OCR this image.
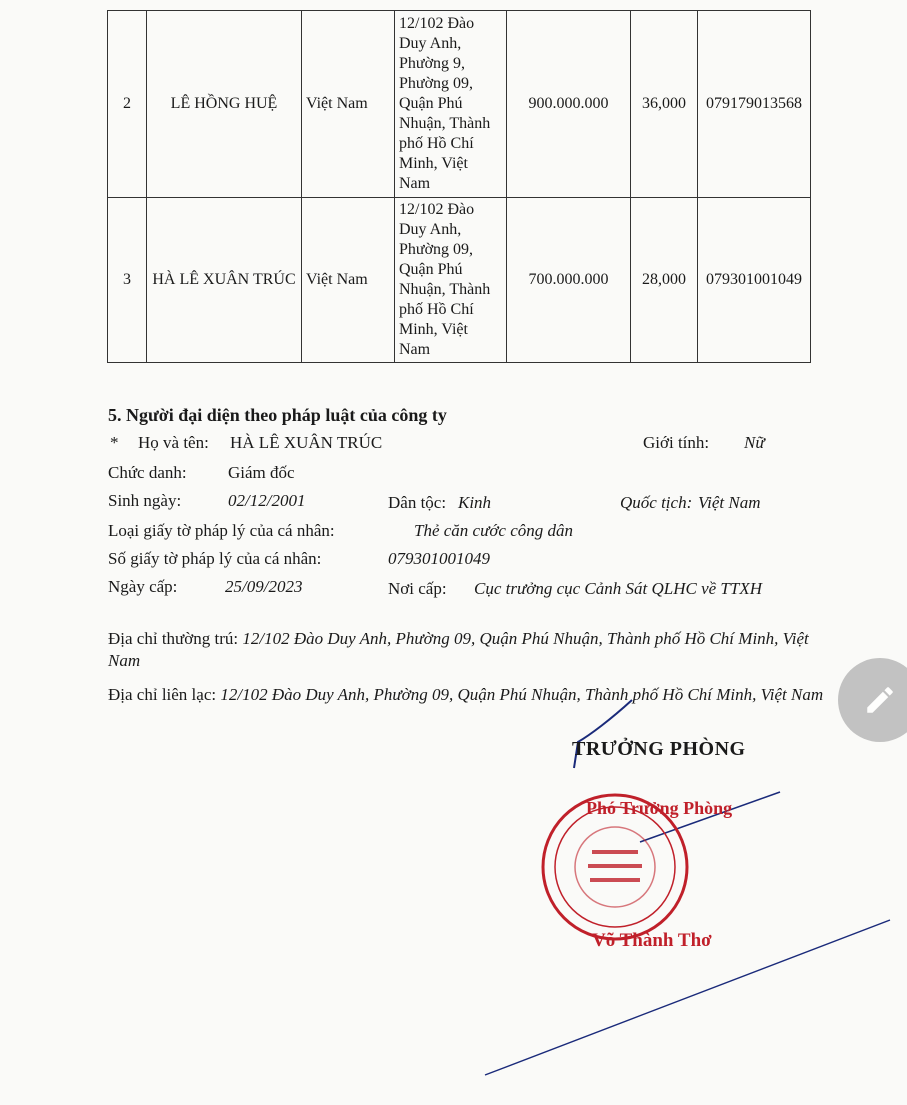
2	LÊ HỒNG HUỆ	Việt Nam	12/102 Đào Duy Anh, Phường 9, Phường 09, Quận Phú Nhuận, Thành phố Hồ Chí Minh, Việt Nam	900.000.000	36,000	079179013568
3	HÀ LÊ XUÂN TRÚC	Việt Nam	12/102 Đào Duy Anh, Phường 09, Quận Phú Nhuận, Thành phố Hồ Chí Minh, Việt Nam	700.000.000	28,000	079301001049
5. Người đại diện theo pháp luật của công ty
* Họ và tên: HÀ LÊ XUÂN TRÚC	Giới tính: Nữ
Chức danh: Giám đốc
Sinh ngày:	02/12/2001	Dân tộc: Kinh	Quốc tịch: Việt Nam
Loại giấy tờ pháp lý của cá nhân:	Thẻ căn cước công dân
Số giấy tờ pháp lý của cá nhân:	079301001049
Ngày cấp:	25/09/2023	Nơi cấp: Cục trưởng cục Cảnh Sát QLHC về TTXH
Địa chỉ thường trú: 12/102 Đào Duy Anh, Phường 09, Quận Phú Nhuận, Thành phố Hồ Chí Minh, Việt Nam
Địa chỉ liên lạc: 12/102 Đào Duy Anh, Phường 09, Quận Phú Nhuận, Thành phố Hồ Chí Minh, Việt Nam
TRƯỞNG PHÒNG
Phó Trưởng Phòng
Võ Thành Thơ
